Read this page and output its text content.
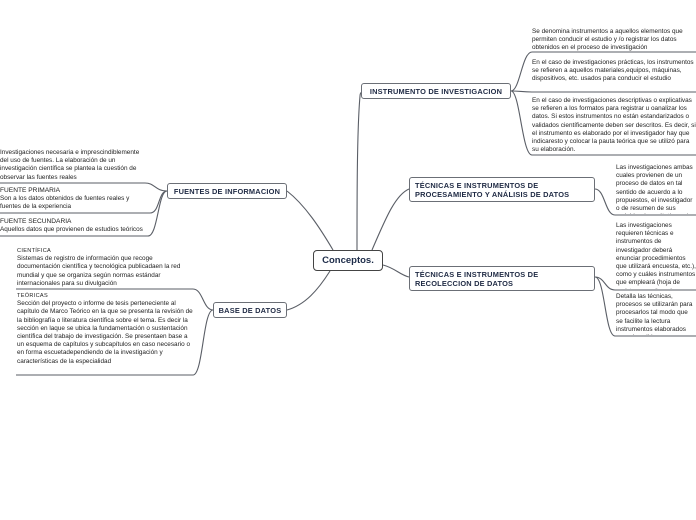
Conceptos.
INSTRUMENTO DE INVESTIGACION
TÉCNICAS E INSTRUMENTOS DE
PROCESAMIENTO Y ANÁLISIS DE DATOS
TÉCNICAS E INSTRUMENTOS DE
RECOLECCION DE DATOS
FUENTES DE INFORMACION
BASE DE DATOS
Se denomina instrumentos a aquellos elementos que permiten conducir el estudio y /o registrar los datos obtenidos en el proceso de investigación
En el caso de investigaciones prácticas, los instrumentos se refieren a aquellos materiales,equipos, máquinas, dispositivos, etc. usados para conducir el estudio
En el caso de investigaciones descriptivas o explicativas se refieren a los formatos para registrar u oanalizar los datos. Si estos instrumentos no están estandarizados o validados científicamente deben ser descritos. Es decir, si el instrumento es elaborado por el investigador hay que indicaresto y colocar la pauta teórica que se utilizó para su elaboración.
Las investigaciones ambas cuales provienen de un proceso de datos en tal sentido de acuerdo a lo propuestos, el investigador o de resumen de sus
Las investigaciones requieren técnicas e instrumentos de investigador deberá enunciar procedimientos que utilizará encuesta, etc.), como y cuáles instrumentos que empleará (hoja de
Detalla las técnicas, procesos se utilizarán para procesarlos tal modo que se facilite la lectura instrumentos elaborados
Investigaciones necesaria e imprescindiblemente del uso de fuentes. La elaboración de un investigación científica se plantea la cuestión de observar las fuentes reales
FUENTE PRIMARIA
Son a los datos obtenidos de fuentes reales y fuentes de la experiencia
FUENTE SECUNDARIA
Aquellos datos que provienen de estudios teóricos
CIENTÍFICA
Sistemas de registro de información que recoge documentación científica y tecnológica publicadaen la red mundial y que se organiza según normas estándar internacionales para su divulgación
TEÓRICAS
Sección del proyecto o informe de tesis perteneciente al capítulo de Marco Teórico en la que se presenta la revisión de la bibliografía o literatura científica sobre el tema. Es decir la sección en laque se ubica la fundamentación o sustentación científica del trabajo de investigación. Se presentaen base a un esquema de capítulos y subcapítulos en caso necesario o en forma escuetadependiendo de la investigación y características de la especialidad
